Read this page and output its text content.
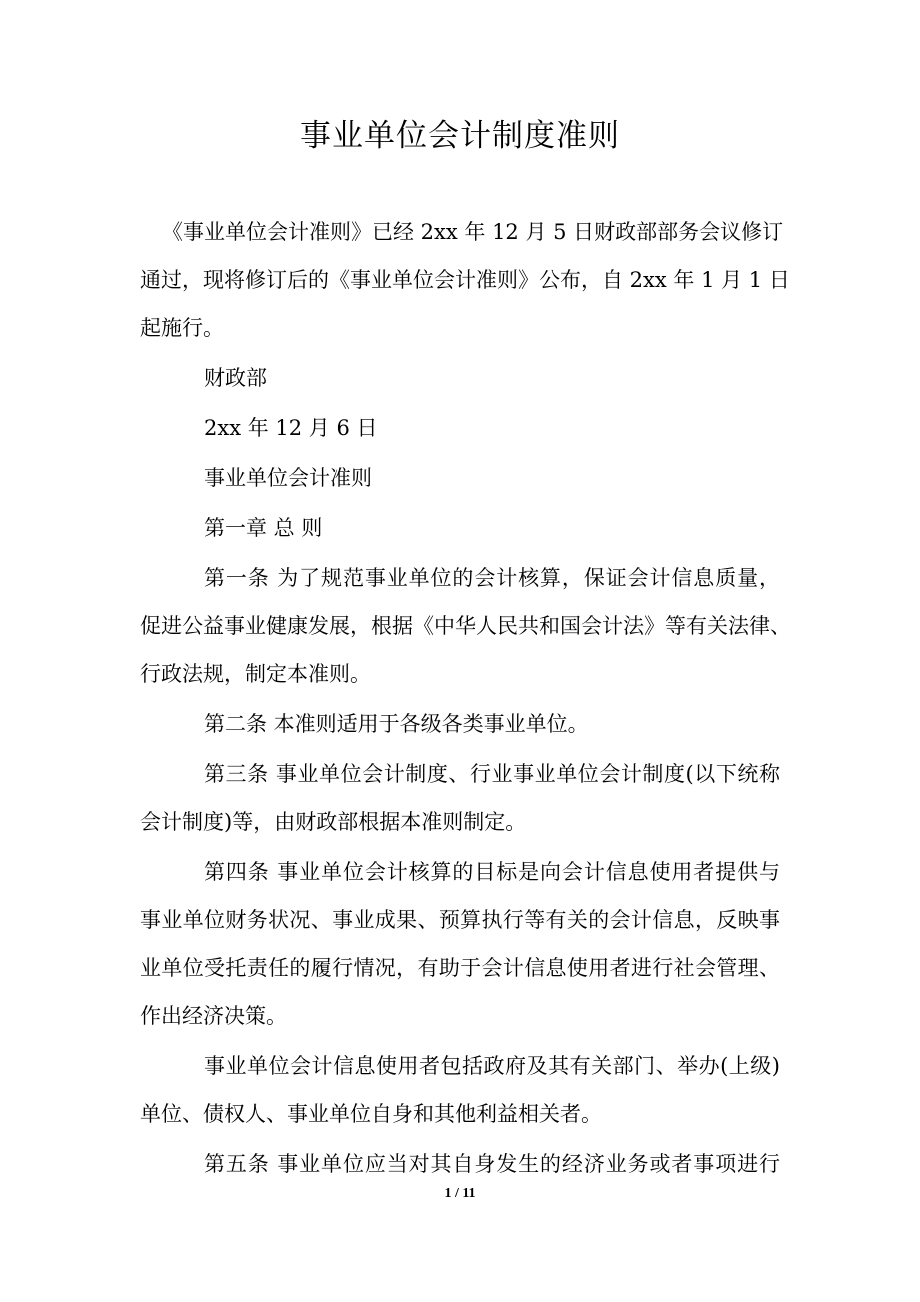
事业单位会计制度准则
《事业单位会计准则》已经 2xx 年 12 月 5 日财政部部务会议修订
通过，现将修订后的《事业单位会计准则》公布，自 2xx 年 1 月 1 日
起施行。
财政部
2xx 年 12 月 6 日
事业单位会计准则
第一章 总 则
第一条 为了规范事业单位的会计核算，保证会计信息质量，
促进公益事业健康发展，根据《中华人民共和国会计法》等有关法律、
行政法规，制定本准则。
第二条 本准则适用于各级各类事业单位。
第三条 事业单位会计制度、行业事业单位会计制度(以下统称
会计制度)等，由财政部根据本准则制定。
第四条 事业单位会计核算的目标是向会计信息使用者提供与
事业单位财务状况、事业成果、预算执行等有关的会计信息，反映事
业单位受托责任的履行情况，有助于会计信息使用者进行社会管理、
作出经济决策。
事业单位会计信息使用者包括政府及其有关部门、举办(上级)
单位、债权人、事业单位自身和其他利益相关者。
第五条 事业单位应当对其自身发生的经济业务或者事项进行
1 / 11
